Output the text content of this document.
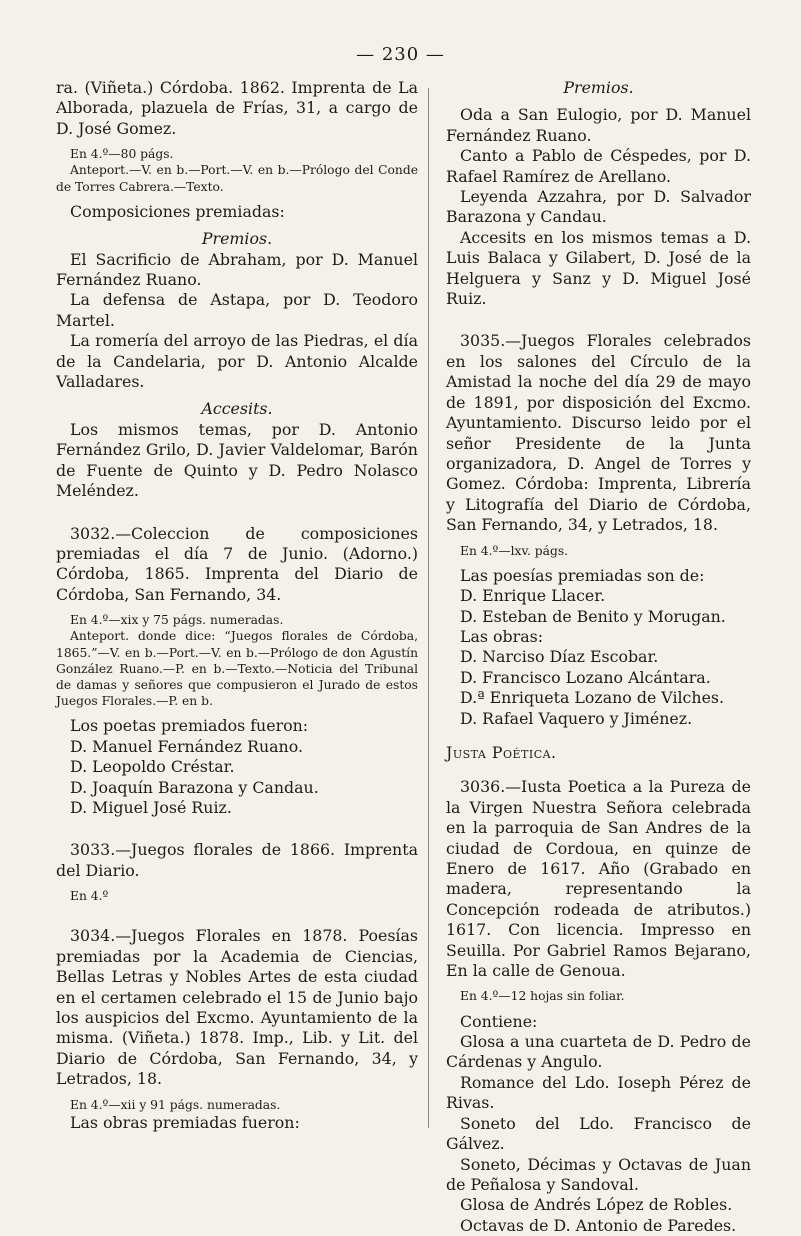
— 230 —

ra. (Viñeta.) Córdoba. 1862. Imprenta de La Alborada, plazuela de Frías, 31, a cargo de D. José Gomez.

En 4.º—80 págs.

Anteport.—V. en b.—Port.—V. en b.—Prólogo del Conde de Torres Cabrera.—Texto.

Composiciones premiadas:

Premios.

El Sacrificio de Abraham, por D. Manuel Fernández Ruano.

La defensa de Astapa, por D. Teodoro Martel.

La romería del arroyo de las Piedras, el día de la Candelaria, por D. Antonio Alcalde Valladares.

Accesits.

Los mismos temas, por D. Antonio Fernández Grilo, D. Javier Valdelomar, Barón de Fuente de Quinto y D. Pedro Nolasco Meléndez.

3032.—Coleccion de composiciones premiadas el día 7 de Junio. (Adorno.) Córdoba, 1865. Imprenta del Diario de Córdoba, San Fernando, 34.

En 4.º—xix y 75 págs. numeradas.

Anteport. donde dice: “Juegos florales de Córdoba, 1865.”—V. en b.—Port.—V. en b.—Prólogo de don Agustín González Ruano.—P. en b.—Texto.—Noticia del Tribunal de damas y señores que compusieron el Jurado de estos Juegos Florales.—P. en b.

Los poetas premiados fueron:

D. Manuel Fernández Ruano.

D. Leopoldo Créstar.

D. Joaquín Barazona y Candau.

D. Miguel José Ruiz.

3033.—Juegos florales de 1866. Imprenta del Diario.

En 4.º

3034.—Juegos Florales en 1878. Poesías premiadas por la Academia de Ciencias, Bellas Letras y Nobles Artes de esta ciudad en el certamen celebrado el 15 de Junio bajo los auspicios del Excmo. Ayuntamiento de la misma. (Viñeta.) 1878. Imp., Lib. y Lit. del Diario de Córdoba, San Fernando, 34, y Letrados, 18.

En 4.º—xii y 91 págs. numeradas.

Las obras premiadas fueron:

Premios.

Oda a San Eulogio, por D. Manuel Fernández Ruano.

Canto a Pablo de Céspedes, por D. Rafael Ramírez de Arellano.

Leyenda Azzahra, por D. Salvador Barazona y Candau.

Accesits en los mismos temas a D. Luis Balaca y Gilabert, D. José de la Helguera y Sanz y D. Miguel José Ruiz.

3035.—Juegos Florales celebrados en los salones del Círculo de la Amistad la noche del día 29 de mayo de 1891, por disposición del Excmo. Ayuntamiento. Discurso leido por el señor Presidente de la Junta organizadora, D. Angel de Torres y Gomez. Córdoba: Imprenta, Librería y Litografía del Diario de Córdoba, San Fernando, 34, y Letrados, 18.

En 4.º—lxv. págs.

Las poesías premiadas son de:

D. Enrique Llacer.

D. Esteban de Benito y Morugan.

Las obras:

D. Narciso Díaz Escobar.

D. Francisco Lozano Alcántara.

D.ª Enriqueta Lozano de Vilches.

D. Rafael Vaquero y Jiménez.

Justa Poética.

3036.—Iusta Poetica a la Pureza de la Virgen Nuestra Señora celebrada en la parroquia de San Andres de la ciudad de Cordoua, en quinze de Enero de 1617. Año (Grabado en madera, representando la Concepción rodeada de atributos.) 1617. Con licencia. Impresso en Seuilla. Por Gabriel Ramos Bejarano, En la calle de Genoua.

En 4.º—12 hojas sin foliar.

Contiene:

Glosa a una cuarteta de D. Pedro de Cárdenas y Angulo.

Romance del Ldo. Ioseph Pérez de Rivas.

Soneto del Ldo. Francisco de Gálvez.

Soneto, Décimas y Octavas de Juan de Peñalosa y Sandoval.

Glosa de Andrés López de Robles.

Octavas de D. Antonio de Paredes.
